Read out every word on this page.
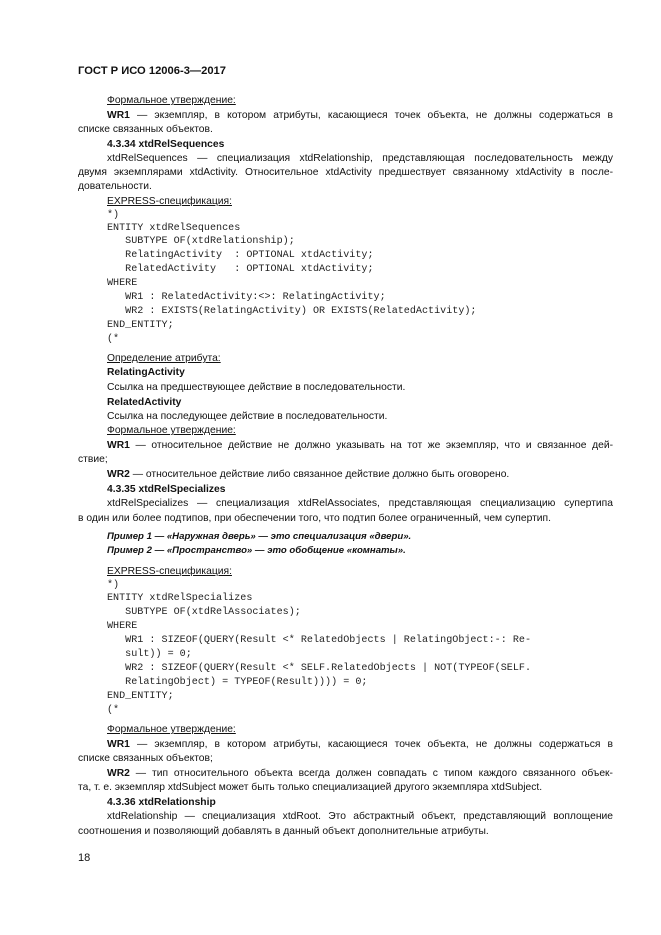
ГОСТ Р ИСО 12006-3—2017
Формальное утверждение:
WR1 — экземпляр, в котором атрибуты, касающиеся точек объекта, не должны содержаться в
списке связанных объектов.
4.3.34 xtdRelSequences
xtdRelSequences — специализация xtdRelationship, представляющая последовательность между
двумя экземплярами xtdActivity. Относительное xtdActivity предшествует связанному xtdActivity в после-
довательности.
EXPRESS-спецификация:
*)
ENTITY xtdRelSequences
SUBTYPE OF(xtdRelationship);
RelatingActivity  : OPTIONAL xtdActivity;
RelatedActivity   : OPTIONAL xtdActivity;
WHERE
WR1 : RelatedActivity:<>: RelatingActivity;
WR2 : EXISTS(RelatingActivity) OR EXISTS(RelatedActivity);
END_ENTITY;
(*
Определение атрибута:
RelatingActivity
Ссылка на предшествующее действие в последовательности.
RelatedActivity
Ссылка на последующее действие в последовательности.
Формальное утверждение:
WR1 — относительное действие не должно указывать на тот же экземпляр, что и связанное дей-
ствие;
WR2 — относительное действие либо связанное действие должно быть оговорено.
4.3.35 xtdRelSpecializes
xtdRelSpecializes — специализация xtdRelAssociates, представляющая специализацию супертипа
в один или более подтипов, при обеспечении того, что подтип более ограниченный, чем супертип.
Пример 1 — «Наружная дверь» — это специализация «двери».
Пример 2 — «Пространство» — это обобщение «комнаты».
EXPRESS-спецификация:
*)
ENTITY xtdRelSpecializes
SUBTYPE OF(xtdRelAssociates);
WHERE
WR1 : SIZEOF(QUERY(Result <* RelatedObjects | RelatingObject:-: Re-
sult)) = 0;
WR2 : SIZEOF(QUERY(Result <* SELF.RelatedObjects | NOT(TYPEOF(SELF.
RelatingObject) = TYPEOF(Result)))) = 0;
END_ENTITY;
(*
Формальное утверждение:
WR1 — экземпляр, в котором атрибуты, касающиеся точек объекта, не должны содержаться в
списке связанных объектов;
WR2 — тип относительного объекта всегда должен совпадать с типом каждого связанного объек-
та, т. е. экземпляр xtdSubject может быть только специализацией другого экземпляра xtdSubject.
4.3.36 xtdRelationship
xtdRelationship — специализация xtdRoot. Это абстрактный объект, представляющий воплощение
соотношения и позволяющий добавлять в данный объект дополнительные атрибуты.
18
